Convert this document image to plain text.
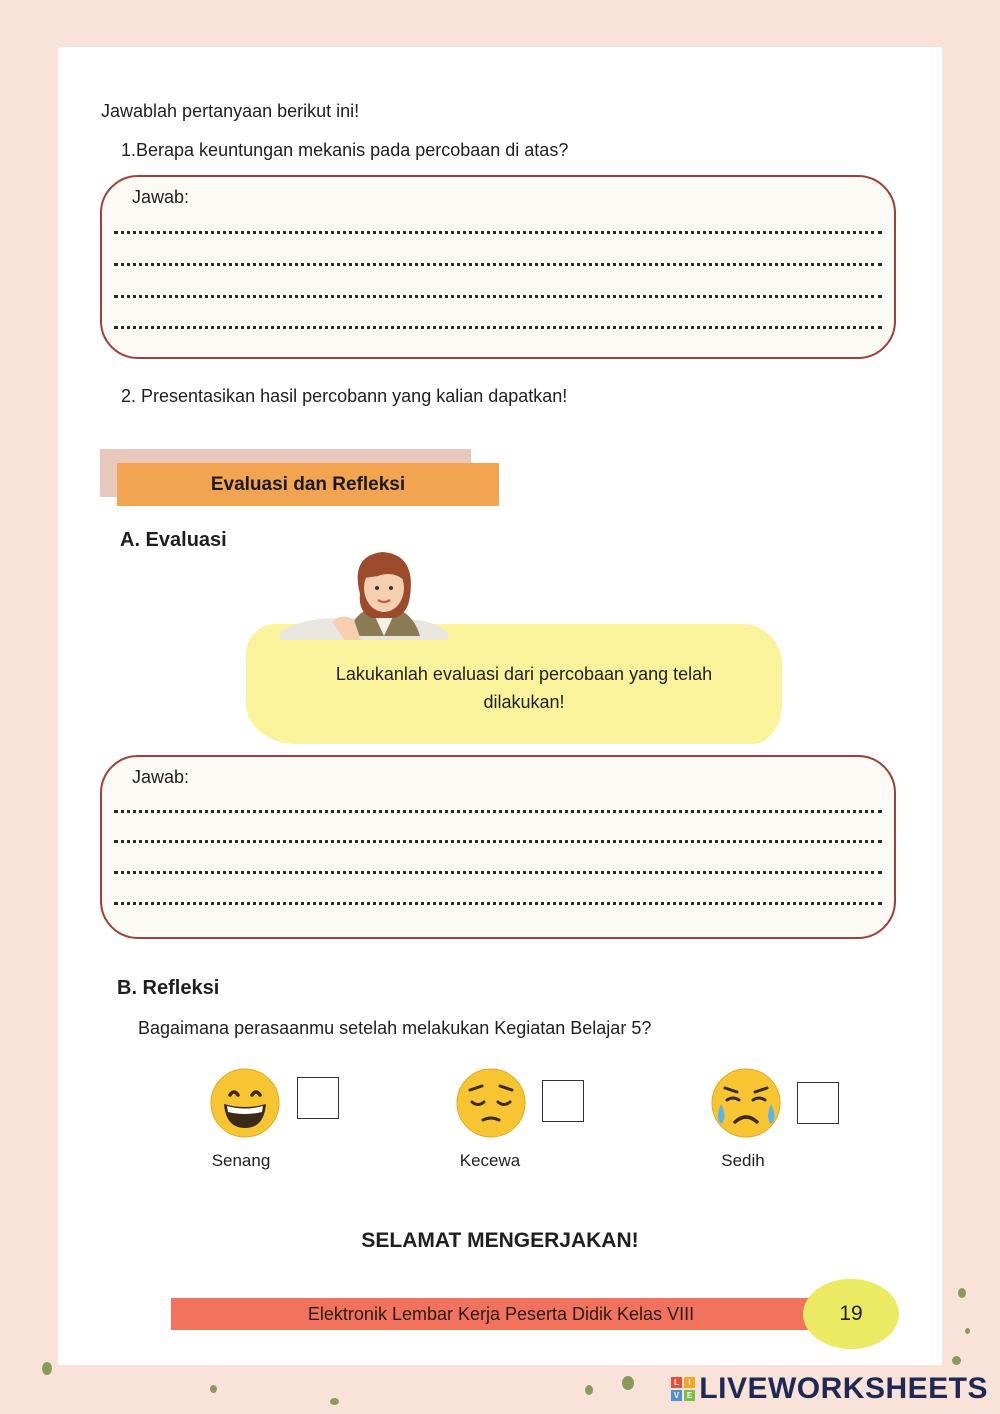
Jawablah pertanyaan berikut ini!
1.Berapa keuntungan mekanis pada percobaan di atas?
Jawab:
2. Presentasikan hasil percobann yang kalian dapatkan!
Evaluasi dan Refleksi
A. Evaluasi
Lakukanlah evaluasi dari percobaan yang telah
dilakukan!
Jawab:
B. Refleksi
Bagaimana perasaanmu setelah melakukan Kegiatan Belajar 5?
Senang	Kecewa	Sedih
SELAMAT MENGERJAKAN!
Elektronik Lembar Kerja Peserta Didik Kelas VIII	19
L	I
V E LIVEWORKSHEETS
